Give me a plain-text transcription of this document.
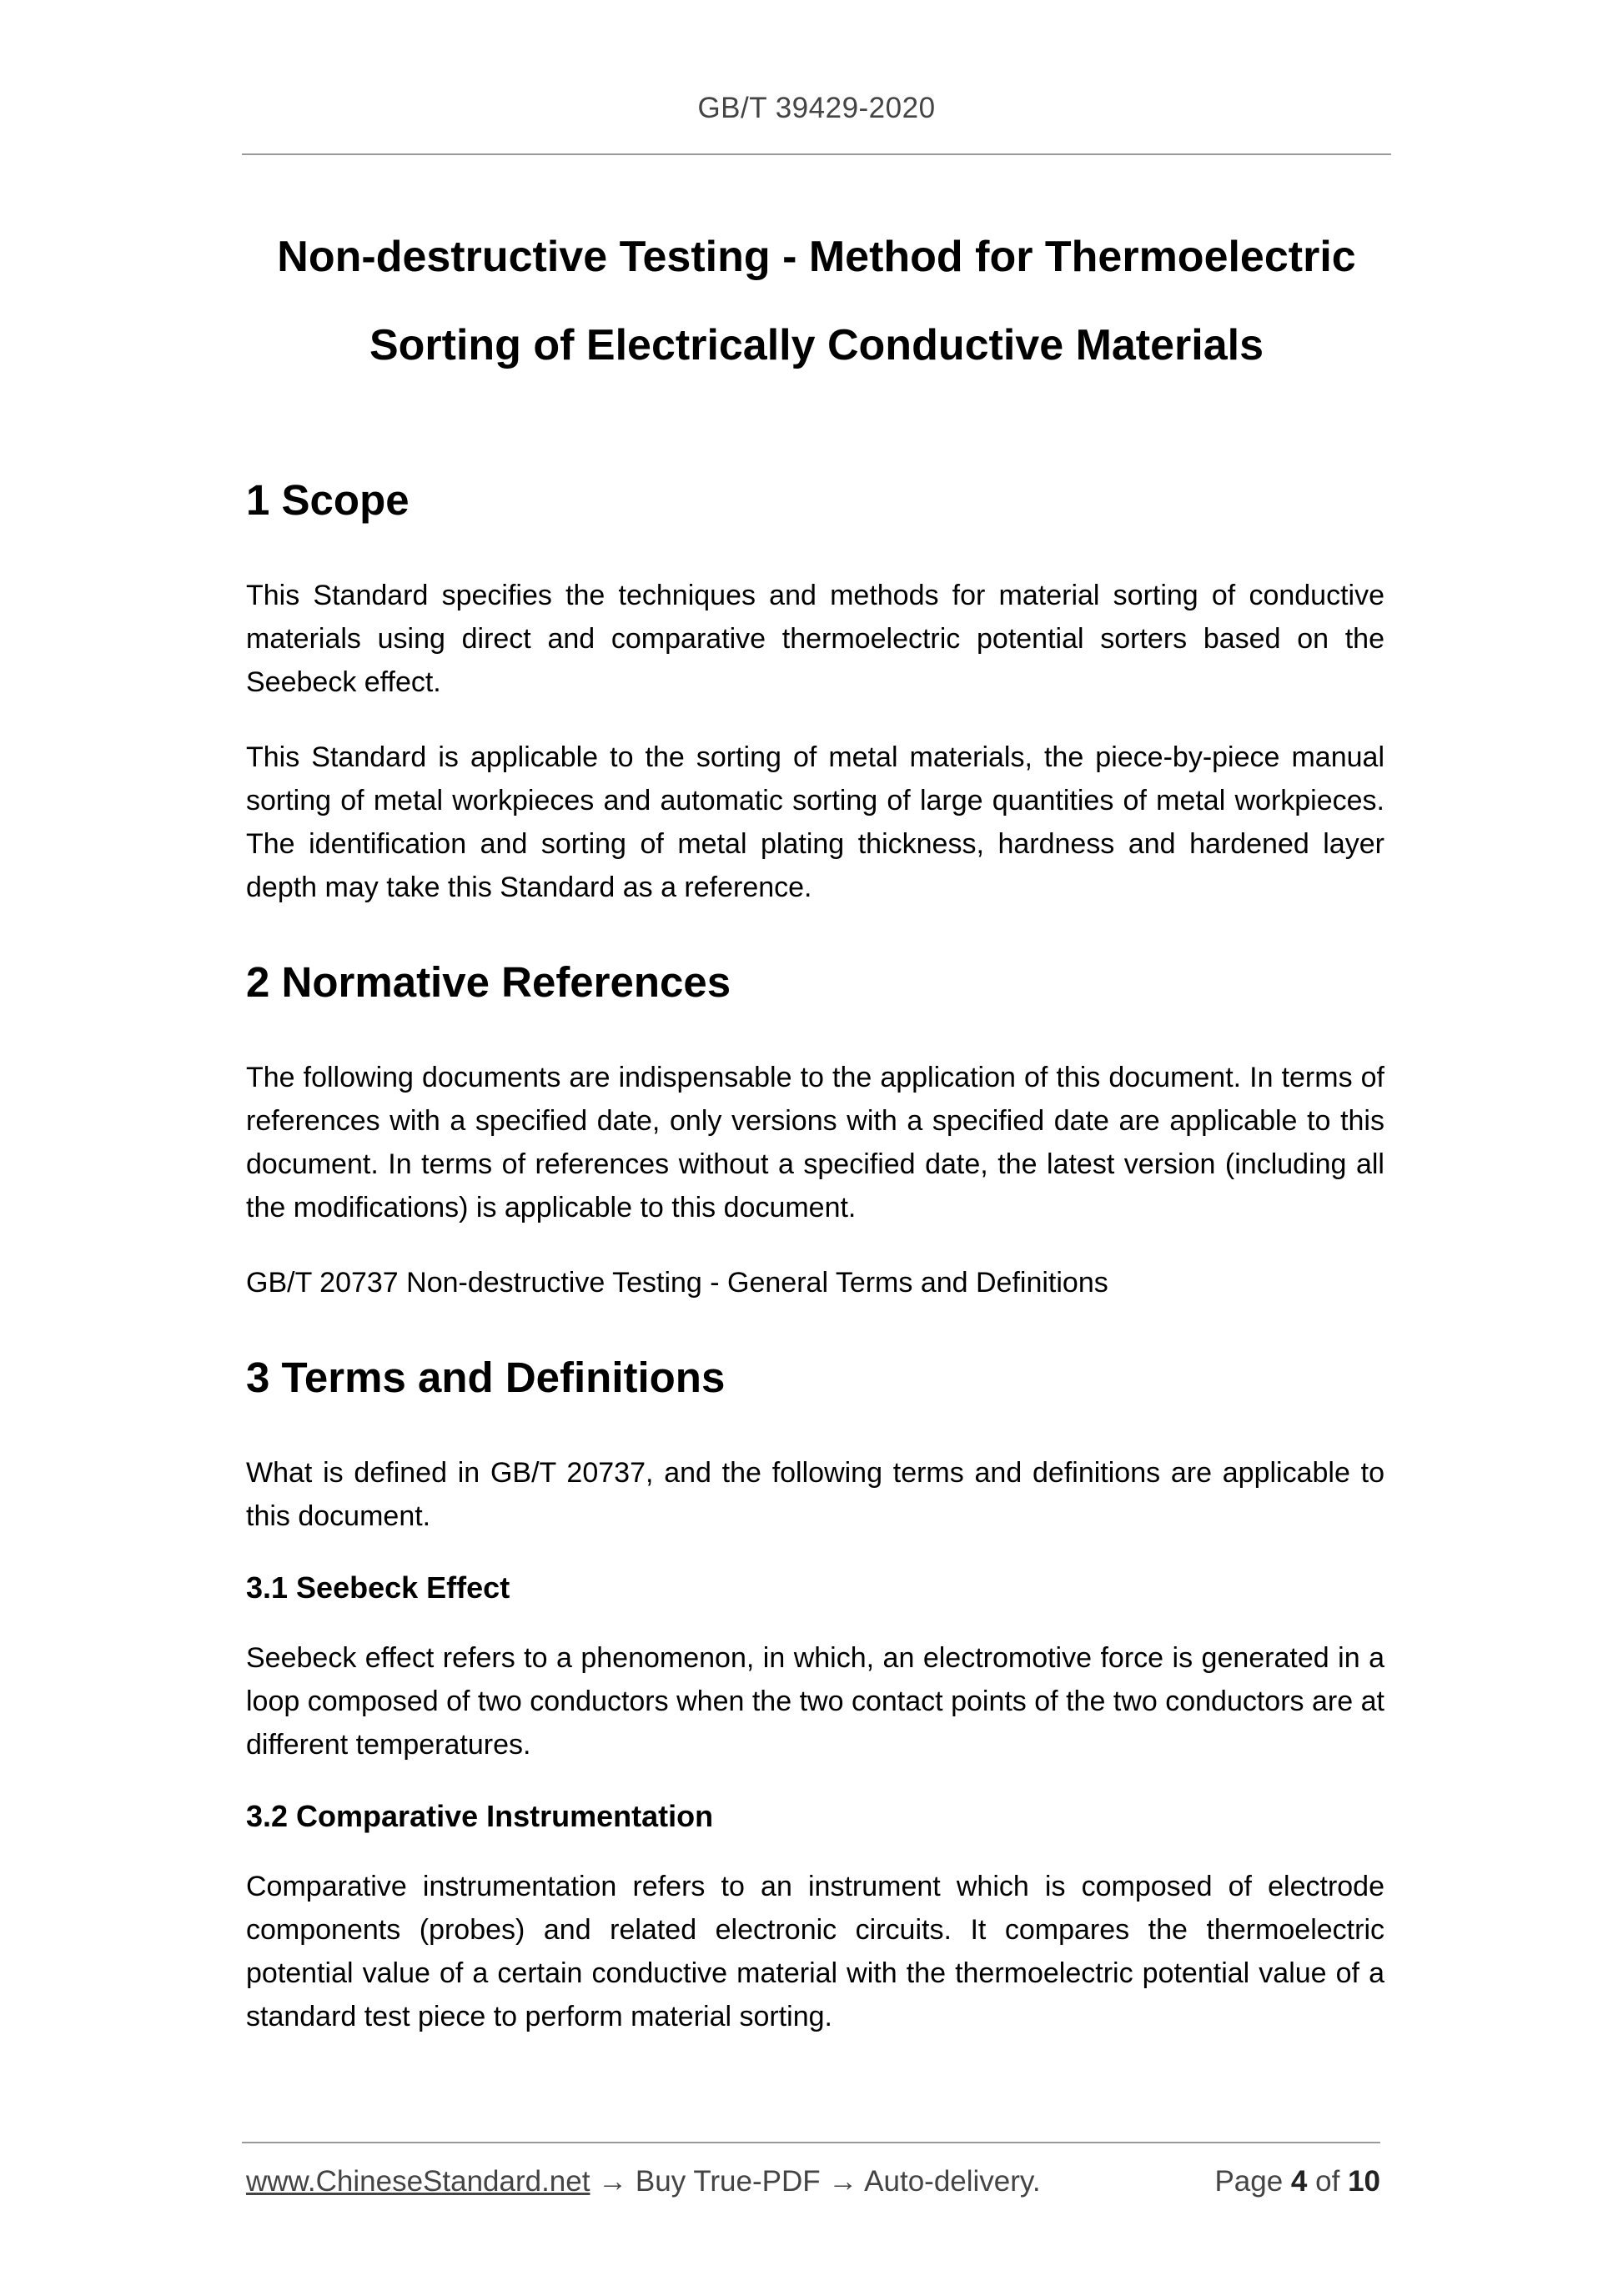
GB/T 39429-2020
Non-destructive Testing - Method for Thermoelectric
Sorting of Electrically Conductive Materials
1 Scope

This Standard specifies the techniques and methods for material sorting of conductive materials using direct and comparative thermoelectric potential sorters based on the Seebeck effect.

This Standard is applicable to the sorting of metal materials, the piece-by-piece manual sorting of metal workpieces and automatic sorting of large quantities of metal workpieces. The identification and sorting of metal plating thickness, hardness and hardened layer depth may take this Standard as a reference.

2 Normative References

The following documents are indispensable to the application of this document. In terms of references with a specified date, only versions with a specified date are applicable to this document. In terms of references without a specified date, the latest version (including all the modifications) is applicable to this document.

GB/T 20737 Non-destructive Testing - General Terms and Definitions

3 Terms and Definitions

What is defined in GB/T 20737, and the following terms and definitions are applicable to this document.

3.1 Seebeck Effect

Seebeck effect refers to a phenomenon, in which, an electromotive force is generated in a loop composed of two conductors when the two contact points of the two conductors are at different temperatures.

3.2 Comparative Instrumentation

Comparative instrumentation refers to an instrument which is composed of electrode components (probes) and related electronic circuits. It compares the thermoelectric potential value of a certain conductive material with the thermoelectric potential value of a standard test piece to perform material sorting.

www.ChineseStandard.net → Buy True-PDF → Auto-delivery.	Page 4 of 10
